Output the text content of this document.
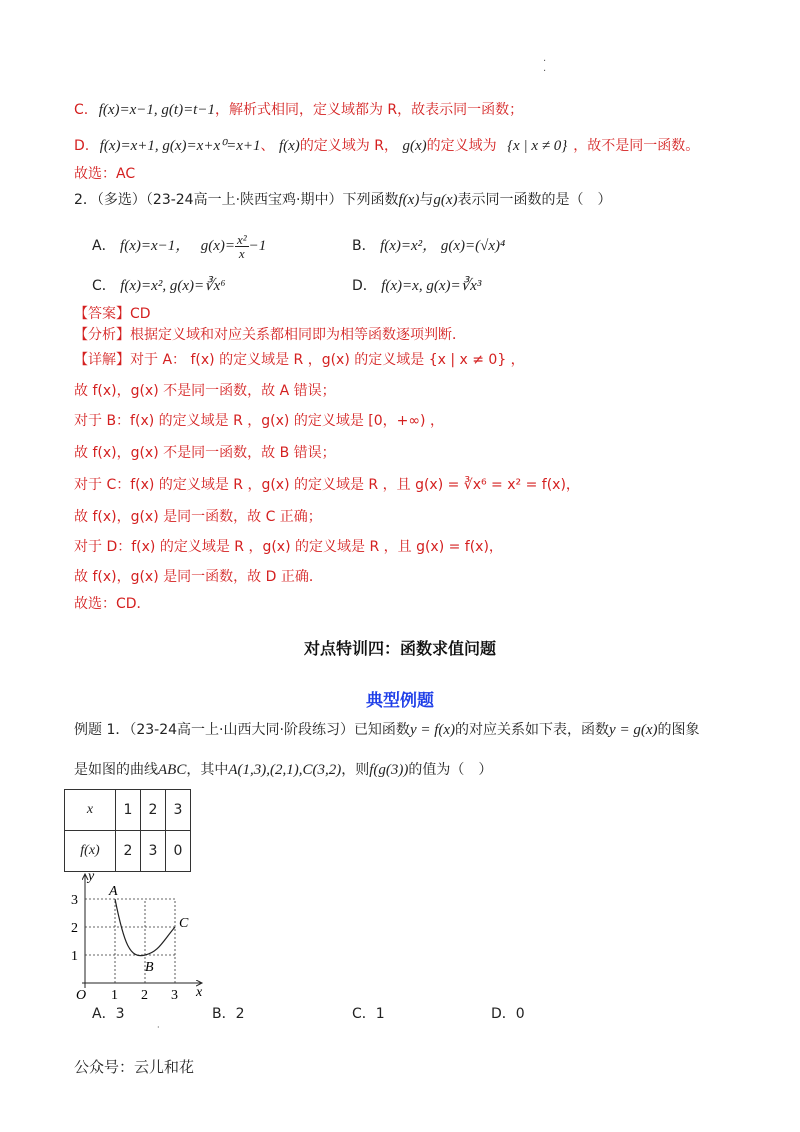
·
·
C. f(x)=x−1, g(t)=t−1，解析式相同，定义域都为 R，故表示同一函数；
D. f(x)=x+1, g(x)=x+x⁰=x+1、 f(x)的定义域为 R， g(x)的定义域为 {x | x ≠ 0} ，故不是同一函数。
故选：AC
2．（多选）（23-24高一上·陕西宝鸡·期中）下列函数f(x)与g(x)表示同一函数的是（　）
A． f(x)=x−1， $g(x)= \frac{\text{x²}}{x} -1$	B． f(x)=x²， g(x)=(√x)⁴
C． f(x)=x², g(x)=∛x⁶	D． f(x)=x, g(x)=∛x³
【答案】CD
【分析】根据定义域和对应关系都相同即为相等函数逐项判断．
【详解】对于 A： f(x) 的定义域是 R ，g(x) 的定义域是 {x | x ≠ 0} ，
故 f(x)，g(x) 不是同一函数，故 A 错误；
对于 B：f(x) 的定义域是 R ，g(x) 的定义域是 [0，+∞) ，
故 f(x)，g(x) 不是同一函数，故 B 错误；
对于 C：f(x) 的定义域是 R ，g(x) 的定义域是 R ，且 g(x) = ∛x⁶ = x² = f(x)，
故 f(x)，g(x) 是同一函数，故 C 正确；
对于 D：f(x) 的定义域是 R ，g(x) 的定义域是 R ，且 g(x) = f(x)，
故 f(x)，g(x) 是同一函数，故 D 正确．
故选：CD．
对点特训四：函数求值问题
典型例题
例题 1．（23-24高一上·山西大同·阶段练习）已知函数y = f(x)的对应关系如下表，函数y = g(x)的图象
是如图的曲线ABC，其中A(1,3),(2,1),C(3,2)，则f(g(3))的值为（　）
x	1	2	3
f(x)	2	3	0
1 2 3
1
2
3
A
B
C
y
x
O
A．3	B．2	C．1	D．0
·
公众号：云儿和花
